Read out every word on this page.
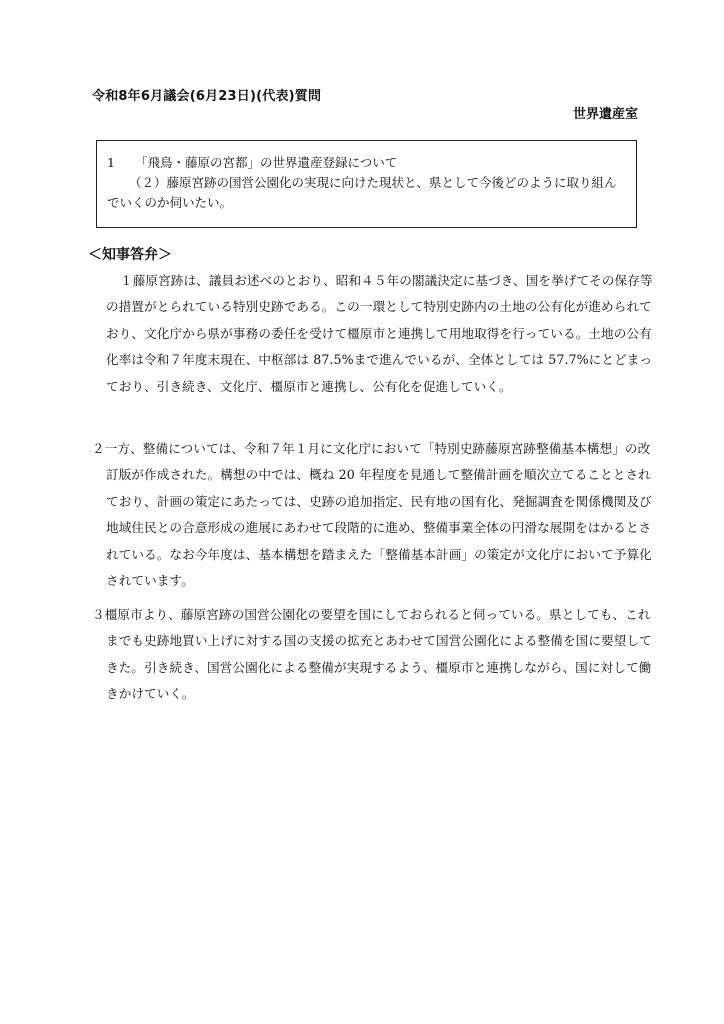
令和8年6月議会(6月23日)(代表)質問
世界遺産室
1 「飛鳥・藤原の宮都」の世界遺産登録について
（２）藤原宮跡の国営公園化の実現に向けた現状と、県として今後どのように取り組んでいくのか伺いたい。
＜知事答弁＞
１藤原宮跡は、議員お述べのとおり、昭和４５年の閣議決定に基づき、国を挙げてその保存等の措置がとられている特別史跡である。この一環として特別史跡内の土地の公有化が進められており、文化庁から県が事務の委任を受けて橿原市と連携して用地取得を行っている。土地の公有化率は令和７年度末現在、中枢部は 87.5%まで進んでいるが、全体としては 57.7%にとどまっており、引き続き、文化庁、橿原市と連携し、公有化を促進していく。
２一方、整備については、令和７年１月に文化庁において「特別史跡藤原宮跡整備基本構想」の改訂版が作成された。構想の中では、概ね 20 年程度を見通して整備計画を順次立てることとされており、計画の策定にあたっては、史跡の追加指定、民有地の国有化、発掘調査を関係機関及び地域住民との合意形成の進展にあわせて段階的に進め、整備事業全体の円滑な展開をはかるとされている。なお今年度は、基本構想を踏まえた「整備基本計画」の策定が文化庁において予算化されています。
３橿原市より、藤原宮跡の国営公園化の要望を国にしておられると伺っている。県としても、これまでも史跡地買い上げに対する国の支援の拡充とあわせて国営公園化による整備を国に要望してきた。引き続き、国営公園化による整備が実現するよう、橿原市と連携しながら、国に対して働きかけていく。
